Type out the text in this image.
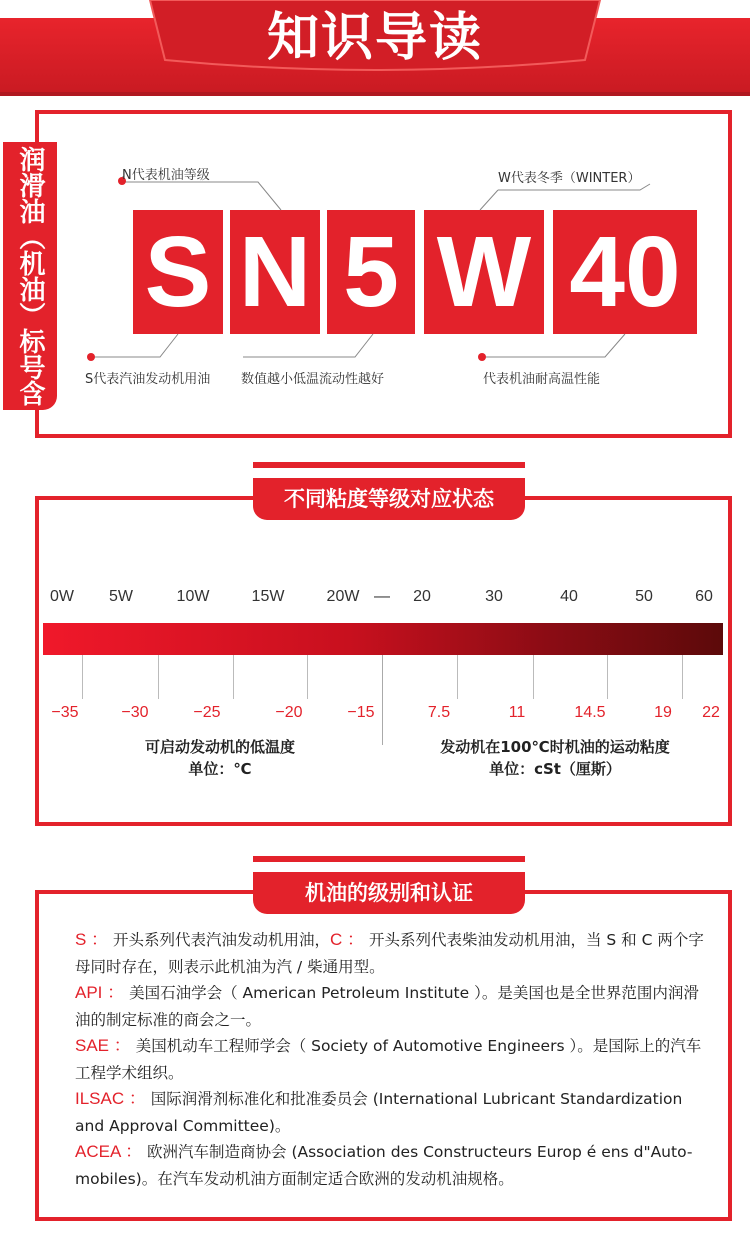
知识导读
润滑油（机油）标号含
S N 5 W 40
N代表机油等级	W代表冬季（WINTER）
S代表汽油发动机用油 数值越小低温流动性越好	代表机油耐高温性能
不同粘度等级对应状态
0W	5W	10W	15W	20W —	20	30	40	50	60
−35	−30	−25	−20	−15	7.5	11	14.5	19	22
可启动发动机的低温度
单位：℃
发动机在100℃时机油的运动粘度
单位：cSt（厘斯）
机油的级别和认证
S ： 开头系列代表汽油发动机用油，C ： 开头系列代表柴油发动机用油，当 S 和 C 两个字母同时存在，则表示此机油为汽 / 柴通用型。
API ： 美国石油学会（ American Petroleum Institute ）。是美国也是全世界范围内润滑油的制定标准的商会之一。
SAE ： 美国机动车工程师学会（ Society of Automotive Engineers ）。是国际上的汽车工程学术组织。
ILSAC ： 国际润滑剂标准化和批准委员会 (International Lubricant Standardization and Approval Committee)。
ACEA ： 欧洲汽车制造商协会 (Association des Constructeurs Europ é ens d"Auto-mobiles)。在汽车发动机油方面制定适合欧洲的发动机油规格。
